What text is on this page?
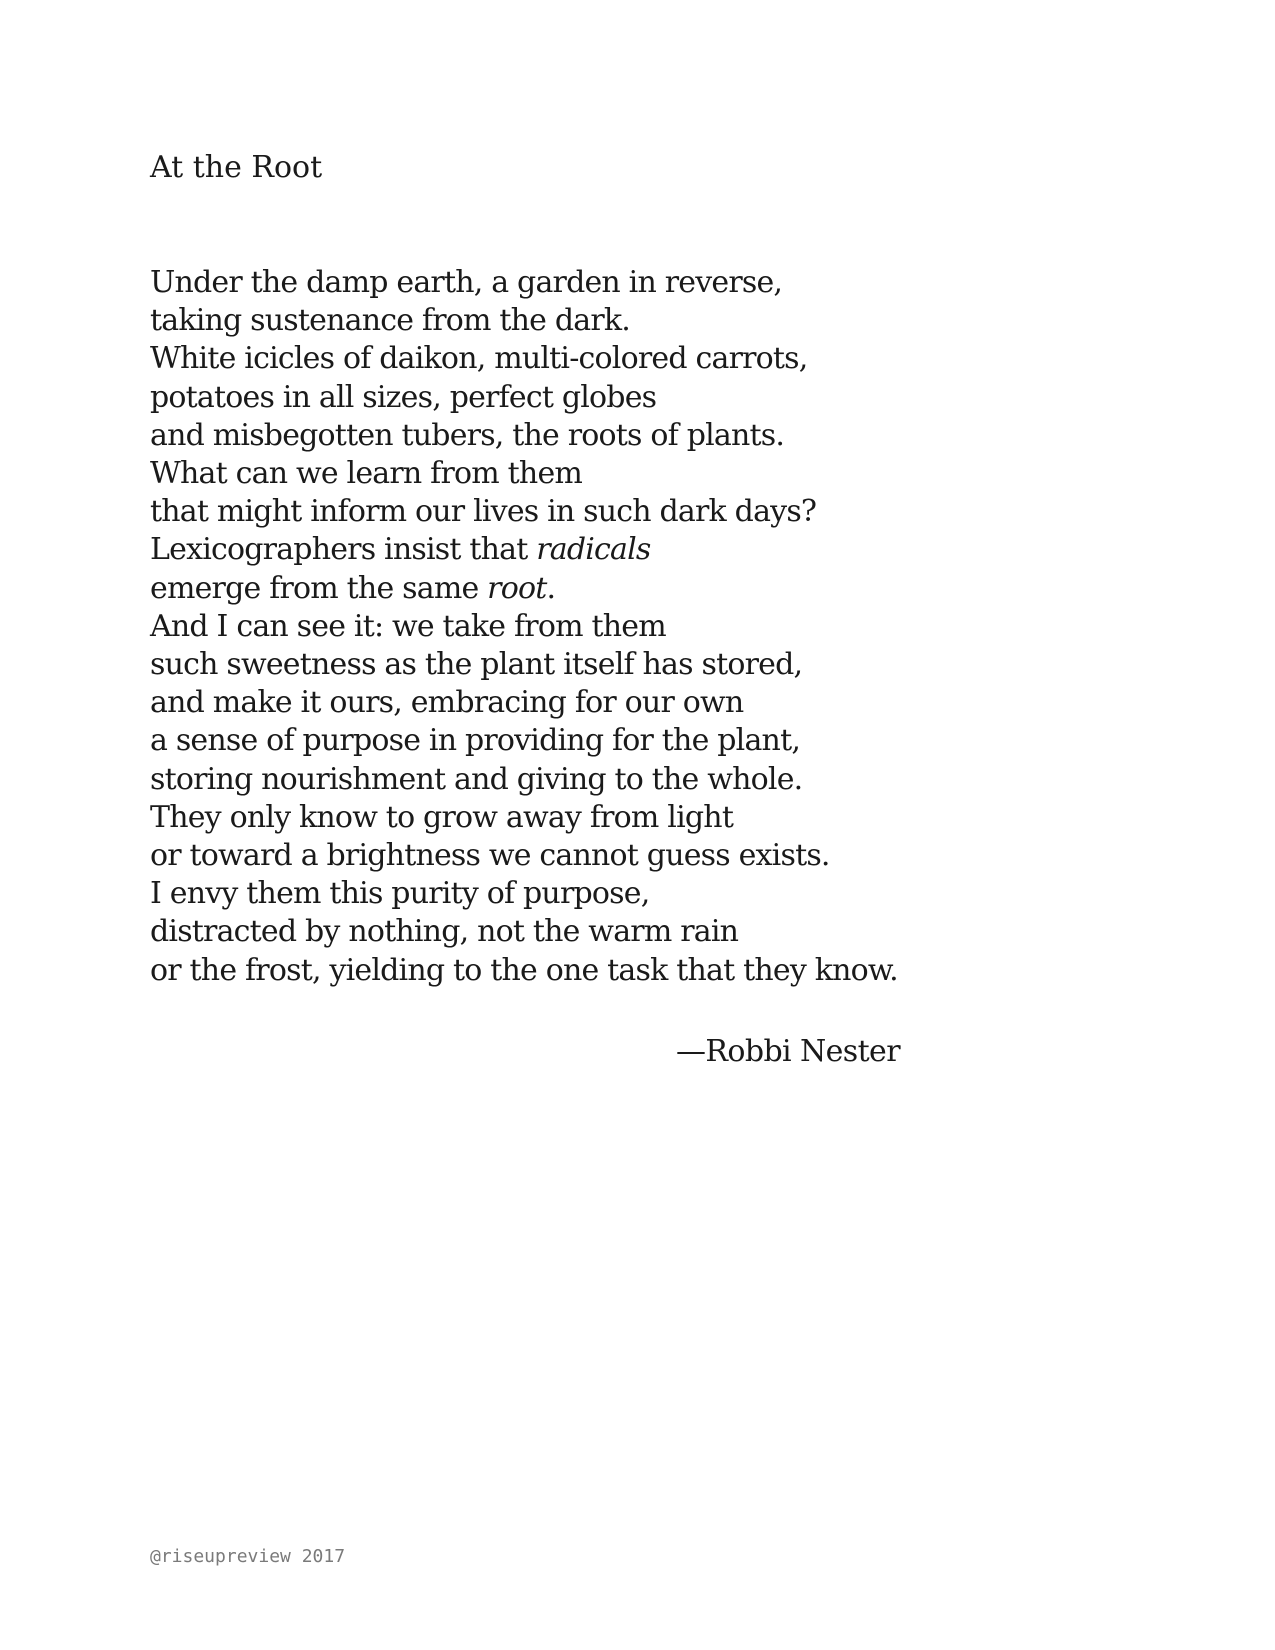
At the Root
Under the damp earth, a garden in reverse,
taking sustenance from the dark.
White icicles of daikon, multi-colored carrots,
potatoes in all sizes, perfect globes
and misbegotten tubers, the roots of plants.
What can we learn from them
that might inform our lives in such dark days?
Lexicographers insist that radicals
emerge from the same root.
And I can see it: we take from them
such sweetness as the plant itself has stored,
and make it ours, embracing for our own
a sense of purpose in providing for the plant,
storing nourishment and giving to the whole.
They only know to grow away from light
or toward a brightness we cannot guess exists.
I envy them this purity of purpose,
distracted by nothing, not the warm rain
or the frost, yielding to the one task that they know.
—Robbi Nester
@riseupreview 2017
